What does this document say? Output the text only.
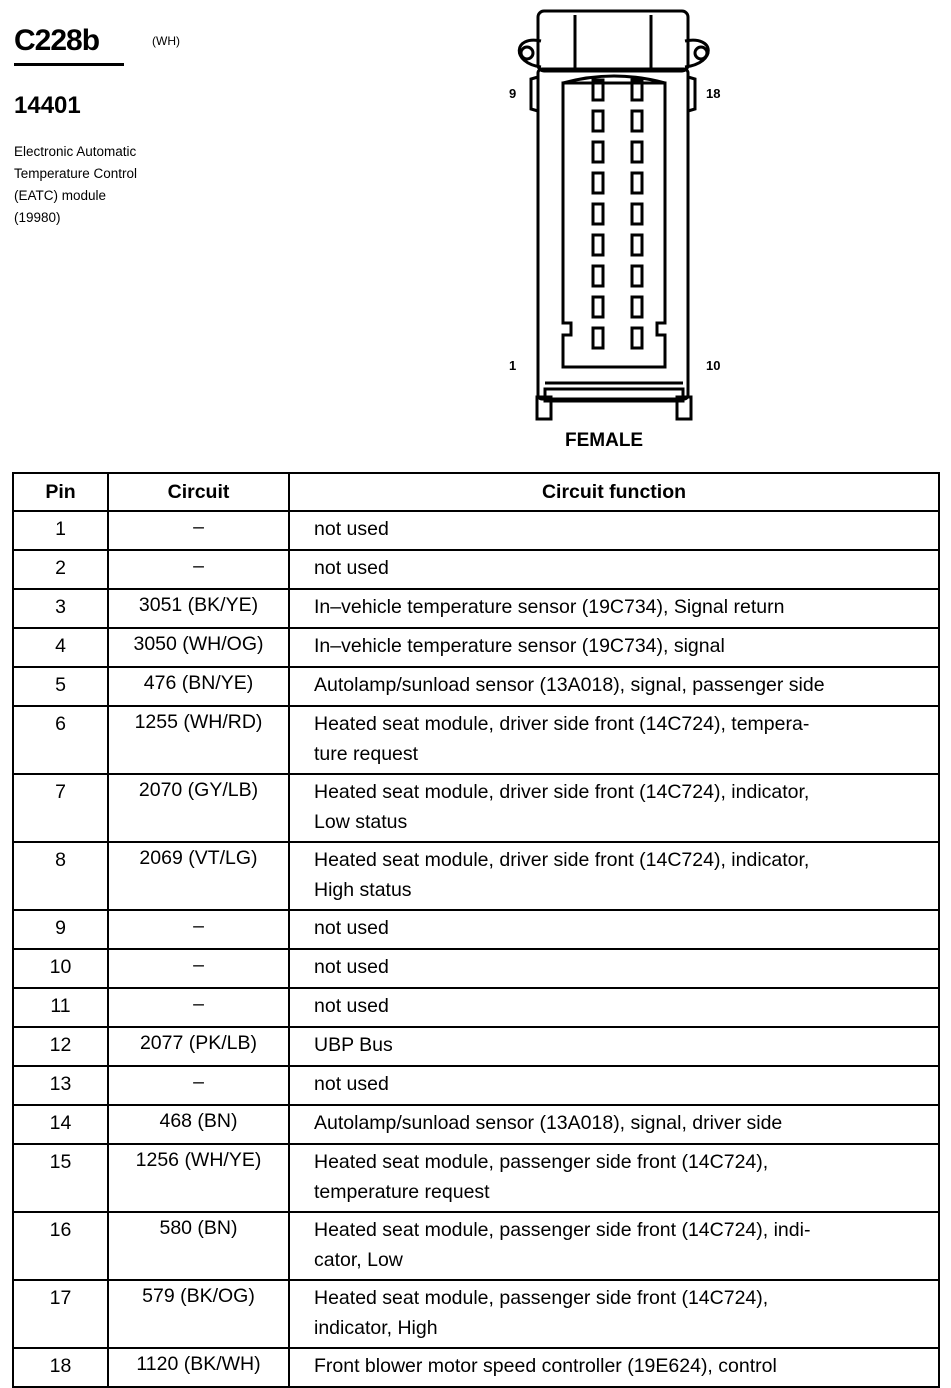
C228b	(WH)
14401
Electronic Automatic
Temperature Control
(EATC) module
(19980)
9	18
1	10
FEMALE
Pin	Circuit	Circuit function
1	–	not used

2	–	not used

3	3051 (BK/YE)	In–vehicle temperature sensor (19C734), Signal return

4	3050 (WH/OG)	In–vehicle temperature sensor (19C734), signal

5	476 (BN/YE)	Autolamp/sunload sensor (13A018), signal, passenger side

6	1255 (WH/RD)	Heated seat module, driver side front (14C724), tempera-
ture request

7	2070 (GY/LB)	Heated seat module, driver side front (14C724), indicator,
Low status

8	2069 (VT/LG)	Heated seat module, driver side front (14C724), indicator,
High status

9	–	not used

10	–	not used

11	–	not used

12	2077 (PK/LB)	UBP Bus

13	–	not used

14	468 (BN)	Autolamp/sunload sensor (13A018), signal, driver side

15	1256 (WH/YE)	Heated seat module, passenger side front (14C724),
temperature request

16	580 (BN)	Heated seat module, passenger side front (14C724), indi-
cator, Low

17	579 (BK/OG)	Heated seat module, passenger side front (14C724),
indicator, High

18	1120 (BK/WH)	Front blower motor speed controller (19E624), control
